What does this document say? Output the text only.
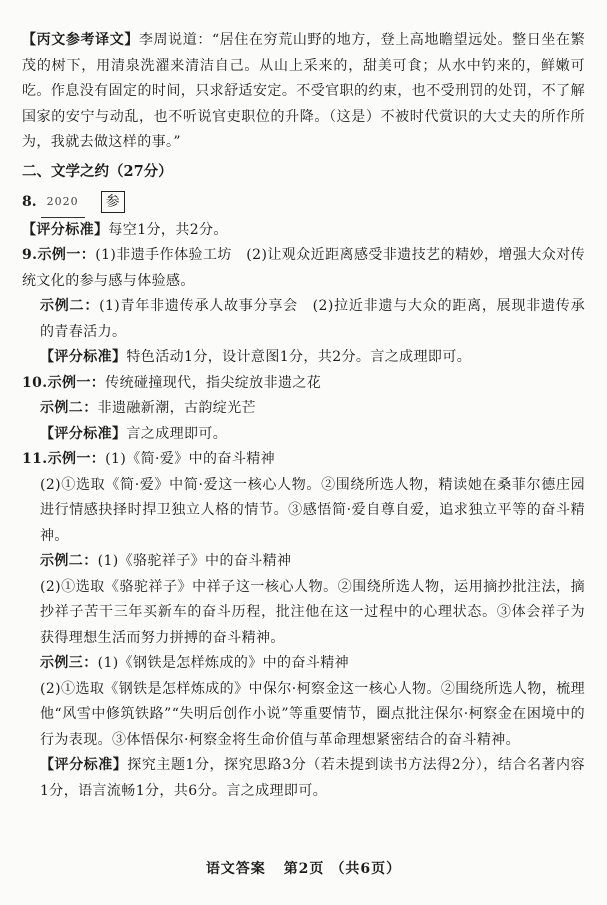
【丙文参考译文】李周说道：“居住在穷荒山野的地方，登上高地瞻望远处。整日坐在繁茂的树下，用清泉洗濯来清洁自己。从山上采来的，甜美可食；从水中钓来的，鲜嫩可吃。作息没有固定的时间，只求舒适安定。不受官职的约束，也不受刑罚的处罚，不了解国家的安宁与动乱，也不听说官吏职位的升降。（这是）不被时代赏识的大丈夫的所作所为，我就去做这样的事。”

二、文学之约（27分）
8. 2020	参

【评分标准】每空1分，共2分。

9.示例一：(1)非遗手作体验工坊　(2)让观众近距离感受非遗技艺的精妙，增强大众对传统文化的参与感与体验感。

示例二：(1)青年非遗传承人故事分享会　(2)拉近非遗与大众的距离，展现非遗传承的青春活力。

【评分标准】特色活动1分，设计意图1分，共2分。言之成理即可。

10.示例一：传统碰撞现代，指尖绽放非遗之花

示例二：非遗融新潮，古韵绽光芒

【评分标准】言之成理即可。

11.示例一：(1)《简·爱》中的奋斗精神

(2)①选取《简·爱》中简·爱这一核心人物。②围绕所选人物，精读她在桑菲尔德庄园进行情感抉择时捍卫独立人格的情节。③感悟简·爱自尊自爱，追求独立平等的奋斗精神。

示例二：(1)《骆驼祥子》中的奋斗精神

(2)①选取《骆驼祥子》中祥子这一核心人物。②围绕所选人物，运用摘抄批注法，摘抄祥子苦干三年买新车的奋斗历程，批注他在这一过程中的心理状态。③体会祥子为获得理想生活而努力拼搏的奋斗精神。

示例三：(1)《钢铁是怎样炼成的》中的奋斗精神

(2)①选取《钢铁是怎样炼成的》中保尔·柯察金这一核心人物。②围绕所选人物，梳理他“风雪中修筑铁路”“失明后创作小说”等重要情节，圈点批注保尔·柯察金在困境中的行为表现。③体悟保尔·柯察金将生命价值与革命理想紧密结合的奋斗精神。

【评分标准】探究主题1分，探究思路3分（若未提到读书方法得2分），结合名著内容1分，语言流畅1分，共6分。言之成理即可。

语文答案 第2页 （共6页）
